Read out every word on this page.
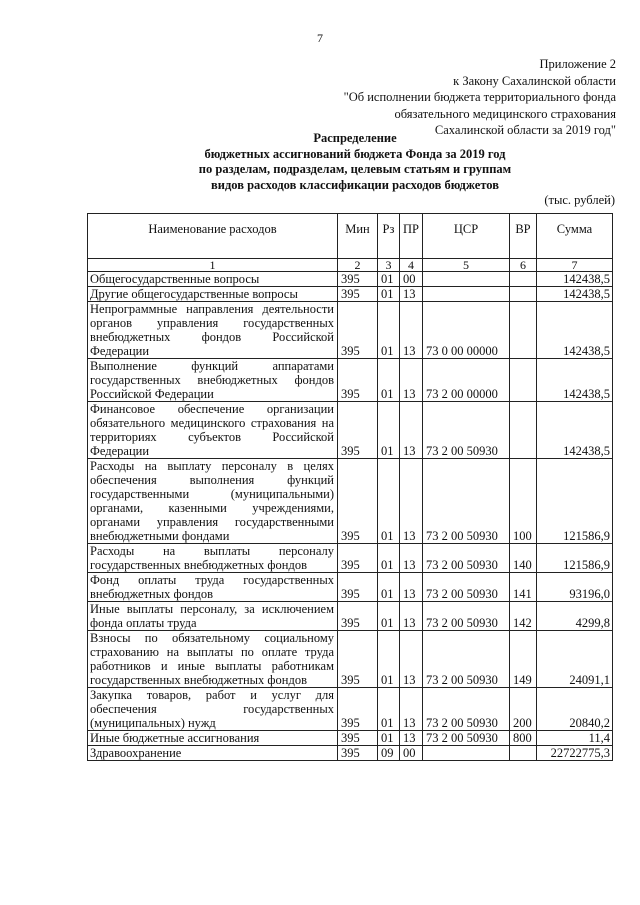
7
Приложение 2
к Закону Сахалинской области
"Об исполнении бюджета территориального фонда
обязательного медицинского страхования
Сахалинской области за 2019 год"
Распределение
бюджетных ассигнований бюджета Фонда за 2019 год
по разделам, подразделам, целевым статьям и группам
видов расходов классификации расходов бюджетов
(тыс. рублей)
Наименование расходов	Мин	Рз	ПР	ЦСР	ВР	Сумма
1	2	3	4	5	6	7
Общегосударственные вопросы	395	01	00			142438,5
Другие общегосударственные вопросы	395	01	13			142438,5
Непрограммные направления деятельности органов управления государственных внебюджетных фондов Российской Федерации	395	01	13	73 0 00 00000		142438,5
Выполнение функций аппаратами государственных внебюджетных фондов Российской Федерации	395	01	13	73 2 00 00000		142438,5
Финансовое обеспечение организации обязательного медицинского страхования на территориях субъектов Российской Федерации	395	01	13	73 2 00 50930		142438,5
Расходы на выплату персоналу в целях обеспечения выполнения функций государственными (муниципальными) органами, казенными учреждениями, органами управления государственными внебюджетными фондами	395	01	13	73 2 00 50930	100	121586,9
Расходы на выплаты персоналу государственных внебюджетных фондов	395	01	13	73 2 00 50930	140	121586,9
Фонд оплаты труда государственных внебюджетных фондов	395	01	13	73 2 00 50930	141	93196,0
Иные выплаты персоналу, за исключением фонда оплаты труда	395	01	13	73 2 00 50930	142	4299,8
Взносы по обязательному социальному страхованию на выплаты по оплате труда работников и иные выплаты работникам государственных внебюджетных фондов	395	01	13	73 2 00 50930	149	24091,1
Закупка товаров, работ и услуг для обеспечения государственных (муниципальных) нужд	395	01	13	73 2 00 50930	200	20840,2
Иные бюджетные ассигнования	395	01	13	73 2 00 50930	800	11,4
Здравоохранение	395	09	00			22722775,3
